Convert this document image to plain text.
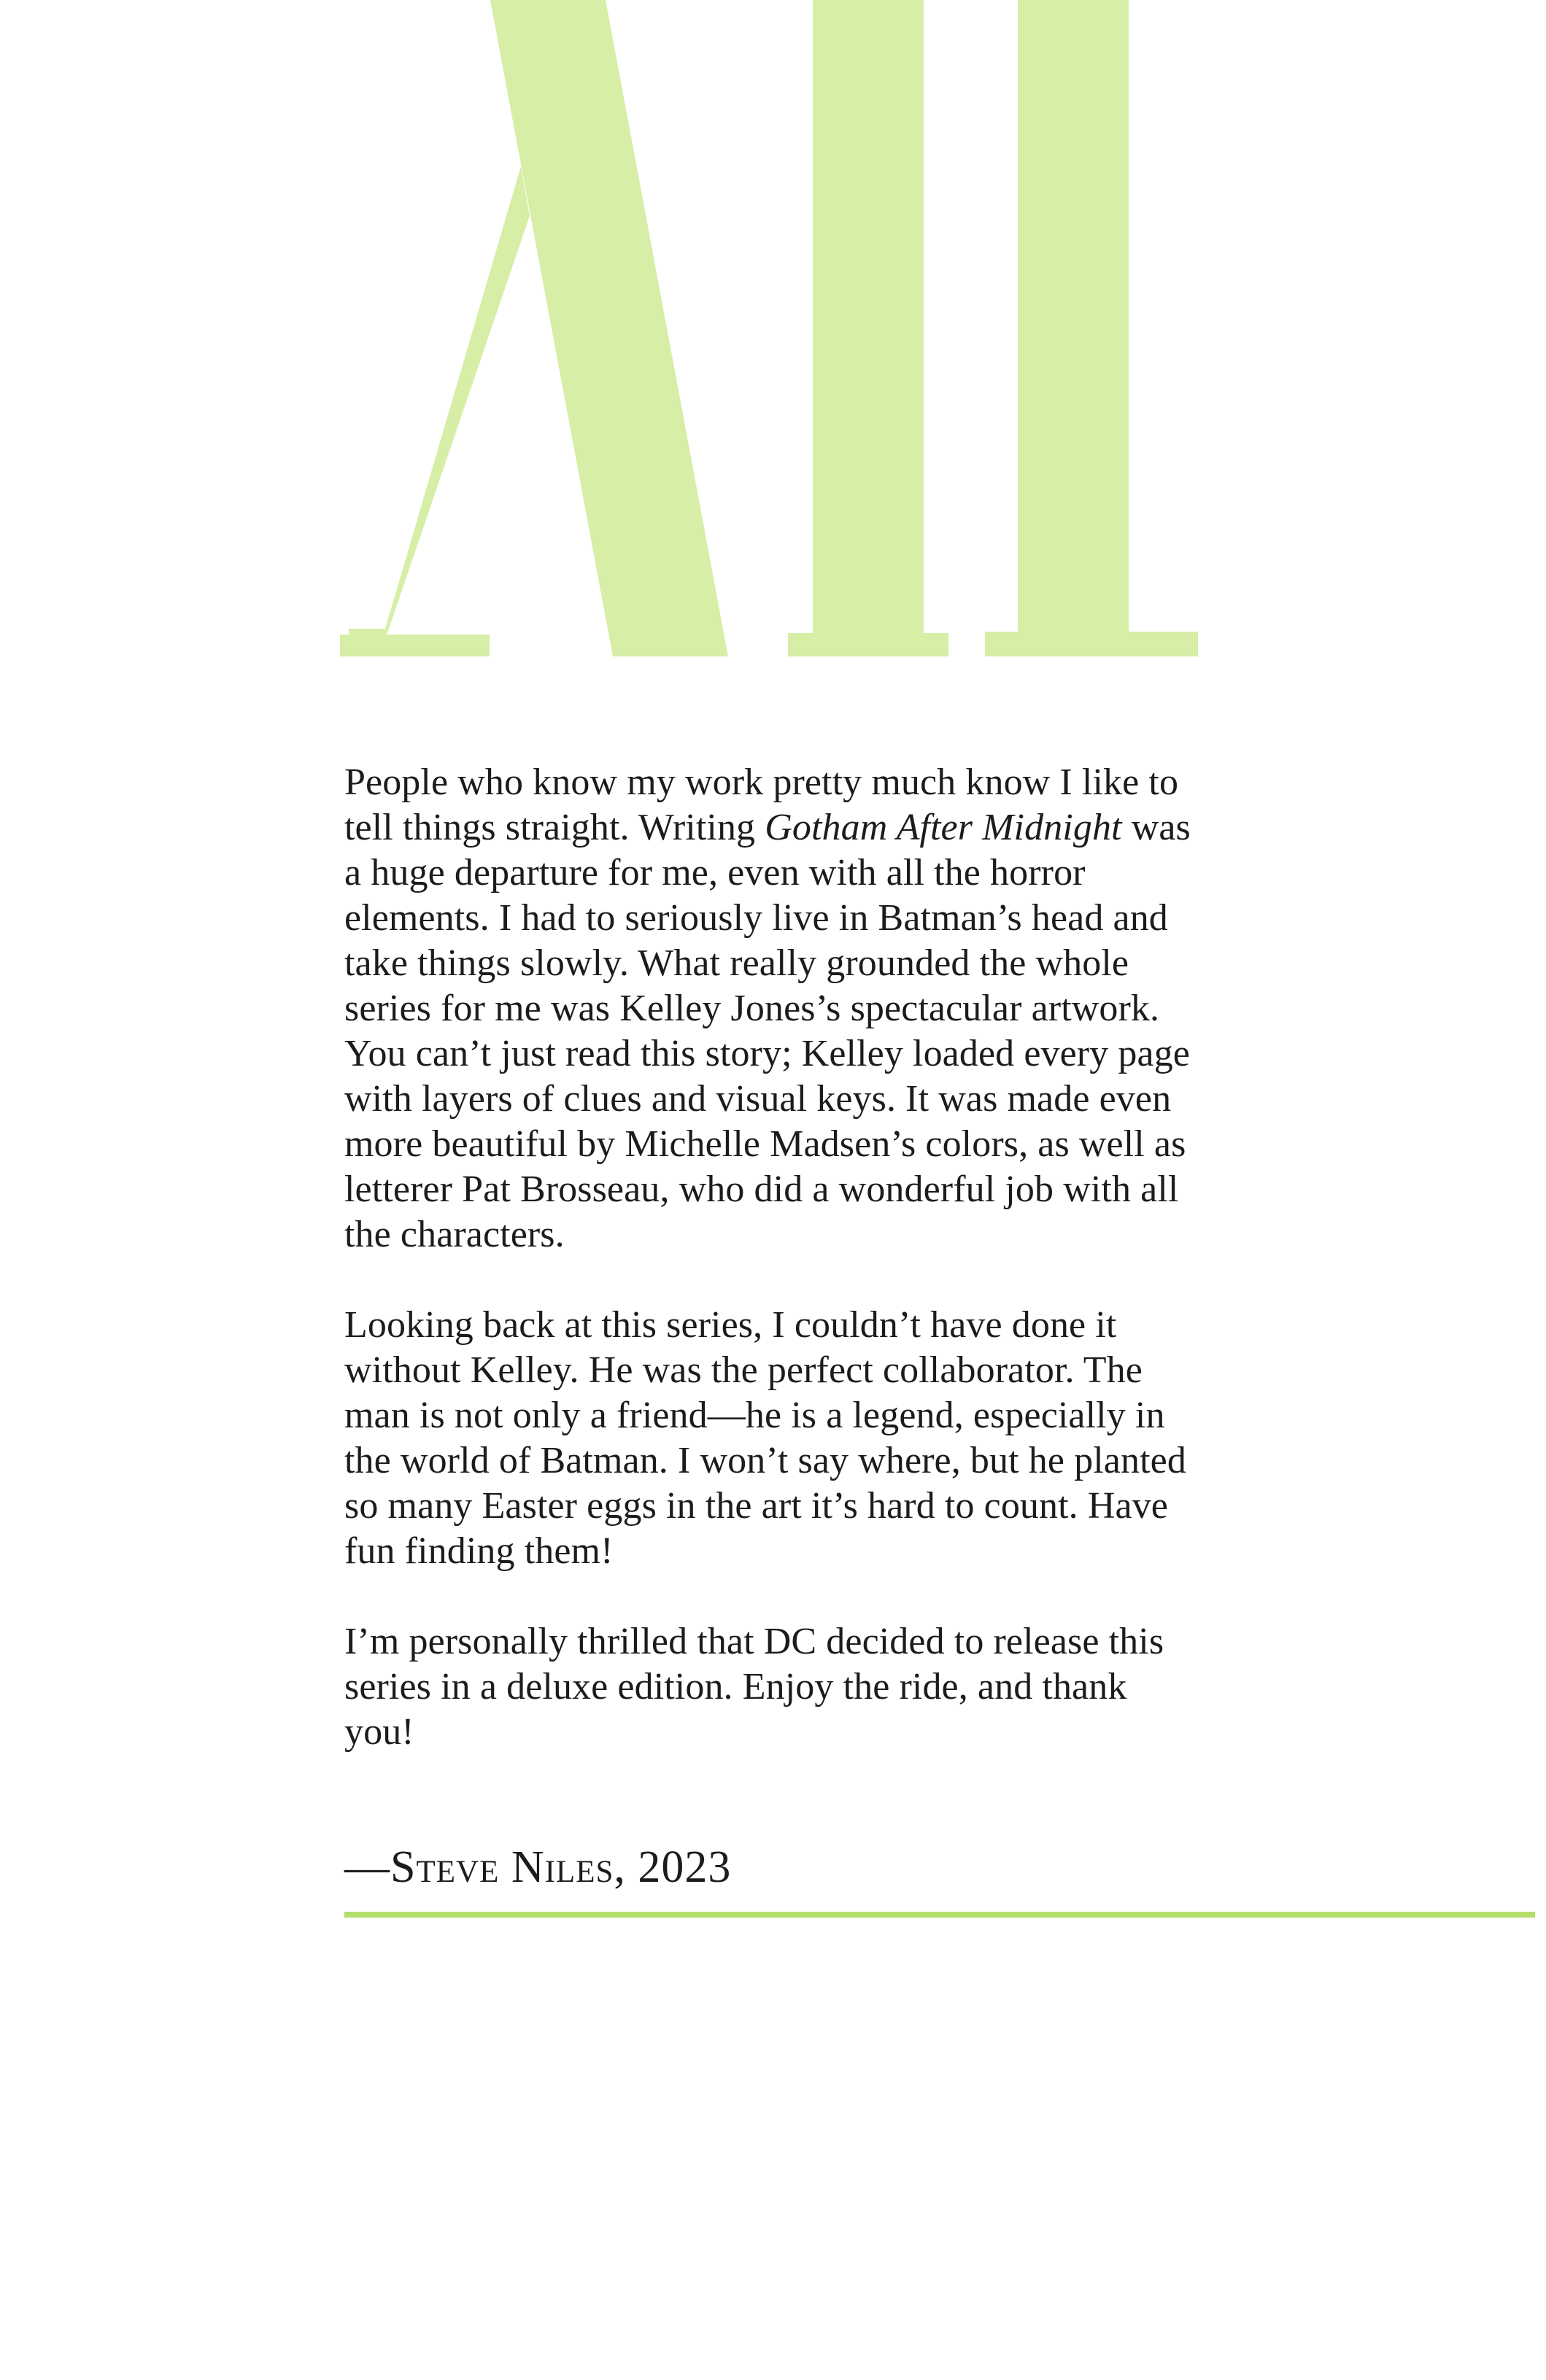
People who know my work pretty much know I like to tell things straight. Writing Gotham After Midnight was a huge departure for me, even with all the horror elements. I had to seriously live in Batman’s head and take things slowly. What really grounded the whole series for me was Kelley Jones’s spectacular artwork. You can’t just read this story; Kelley loaded every page with layers of clues and visual keys. It was made even more beautiful by Michelle Madsen’s colors, as well as letterer Pat Brosseau, who did a wonderful job with all the characters.

Looking back at this series, I couldn’t have done it without Kelley. He was the perfect collaborator. The man is not only a friend—he is a legend, especially in the world of Batman. I won’t say where, but he planted so many Easter eggs in the art it’s hard to count. Have fun finding them!

I’m personally thrilled that DC decided to release this series in a deluxe edition. Enjoy the ride, and thank you!

—Steve Niles, 2023
